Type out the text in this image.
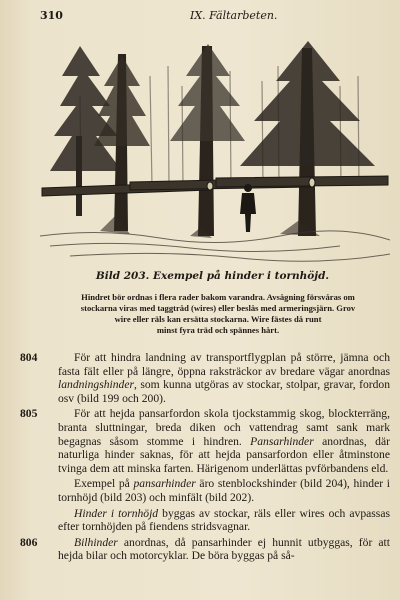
310	IX. Fältarbeten.
Bild 203. Exempel på hinder i tornhöjd.
Hindret bör ordnas i flera rader bakom varandra. Avsågning försvåras om
stockarna viras med taggtråd (wires) eller beslås med armeringsjärn. Grov
wire eller räls kan ersätta stockarna. Wire fästes då runt
minst fyra träd och spännes hårt.
804	För att hindra landning av transportflygplan på större, jämna och fasta fält eller på längre, öppna raksträckor av bredare vägar anordnas landningshinder, som kunna utgöras av stockar, stolpar, gravar, fordon osv (bild 199 och 200).
805	För att hejda pansarfordon skola tjockstammig skog, blockterräng, branta sluttningar, breda diken och vattendrag samt sank mark begagnas såsom stomme i hindren. Pansarhinder anordnas, där naturliga hinder saknas, för att hejda pansarfordon eller åtminstone tvinga dem att minska farten. Härigenom underlättas pvförbandens eld.
Exempel på pansarhinder äro stenblockshinder (bild 204), hinder i tornhöjd (bild 203) och minfält (bild 202).
Hinder i tornhöjd byggas av stockar, räls eller wires och avpassas efter tornhöjden på fiendens stridsvagnar.
806	Bilhinder anordnas, då pansarhinder ej hunnit utbyggas, för att hejda bilar och motorcyklar. De böra byggas på så-
